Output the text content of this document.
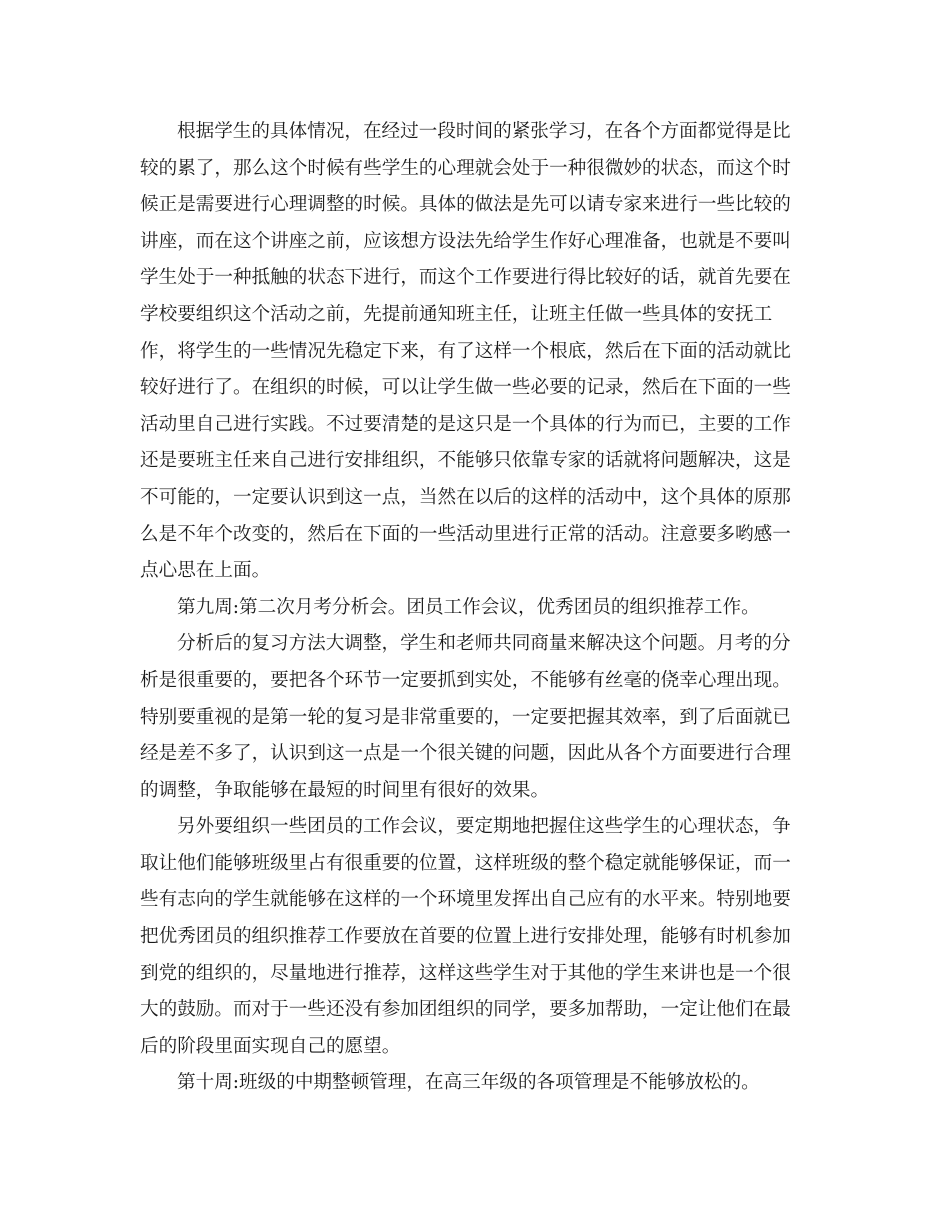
根据学生的具体情况，在经过一段时间的紧张学习，在各个方面都觉得是比
较的累了，那么这个时候有些学生的心理就会处于一种很微妙的状态，而这个时
候正是需要进行心理调整的时候。具体的做法是先可以请专家来进行一些比较的
讲座，而在这个讲座之前，应该想方设法先给学生作好心理准备，也就是不要叫
学生处于一种抵触的状态下进行，而这个工作要进行得比较好的话，就首先要在
学校要组织这个活动之前，先提前通知班主任，让班主任做一些具体的安抚工
作，将学生的一些情况先稳定下来，有了这样一个根底，然后在下面的活动就比
较好进行了。在组织的时候，可以让学生做一些必要的记录，然后在下面的一些
活动里自己进行实践。不过要清楚的是这只是一个具体的行为而已，主要的工作
还是要班主任来自己进行安排组织，不能够只依靠专家的话就将问题解决，这是
不可能的，一定要认识到这一点，当然在以后的这样的活动中，这个具体的原那
么是不年个改变的，然后在下面的一些活动里进行正常的活动。注意要多哟感一
点心思在上面。
第九周:第二次月考分析会。团员工作会议，优秀团员的组织推荐工作。
分析后的复习方法大调整，学生和老师共同商量来解决这个问题。月考的分
析是很重要的，要把各个环节一定要抓到实处，不能够有丝毫的侥幸心理出现。
特别要重视的是第一轮的复习是非常重要的，一定要把握其效率，到了后面就已
经是差不多了，认识到这一点是一个很关键的问题，因此从各个方面要进行合理
的调整，争取能够在最短的时间里有很好的效果。
另外要组织一些团员的工作会议，要定期地把握住这些学生的心理状态，争
取让他们能够班级里占有很重要的位置，这样班级的整个稳定就能够保证，而一
些有志向的学生就能够在这样的一个环境里发挥出自己应有的水平来。特别地要
把优秀团员的组织推荐工作要放在首要的位置上进行安排处理，能够有时机参加
到党的组织的，尽量地进行推荐，这样这些学生对于其他的学生来讲也是一个很
大的鼓励。而对于一些还没有参加团组织的同学，要多加帮助，一定让他们在最
后的阶段里面实现自己的愿望。
第十周:班级的中期整顿管理，在高三年级的各项管理是不能够放松的。
